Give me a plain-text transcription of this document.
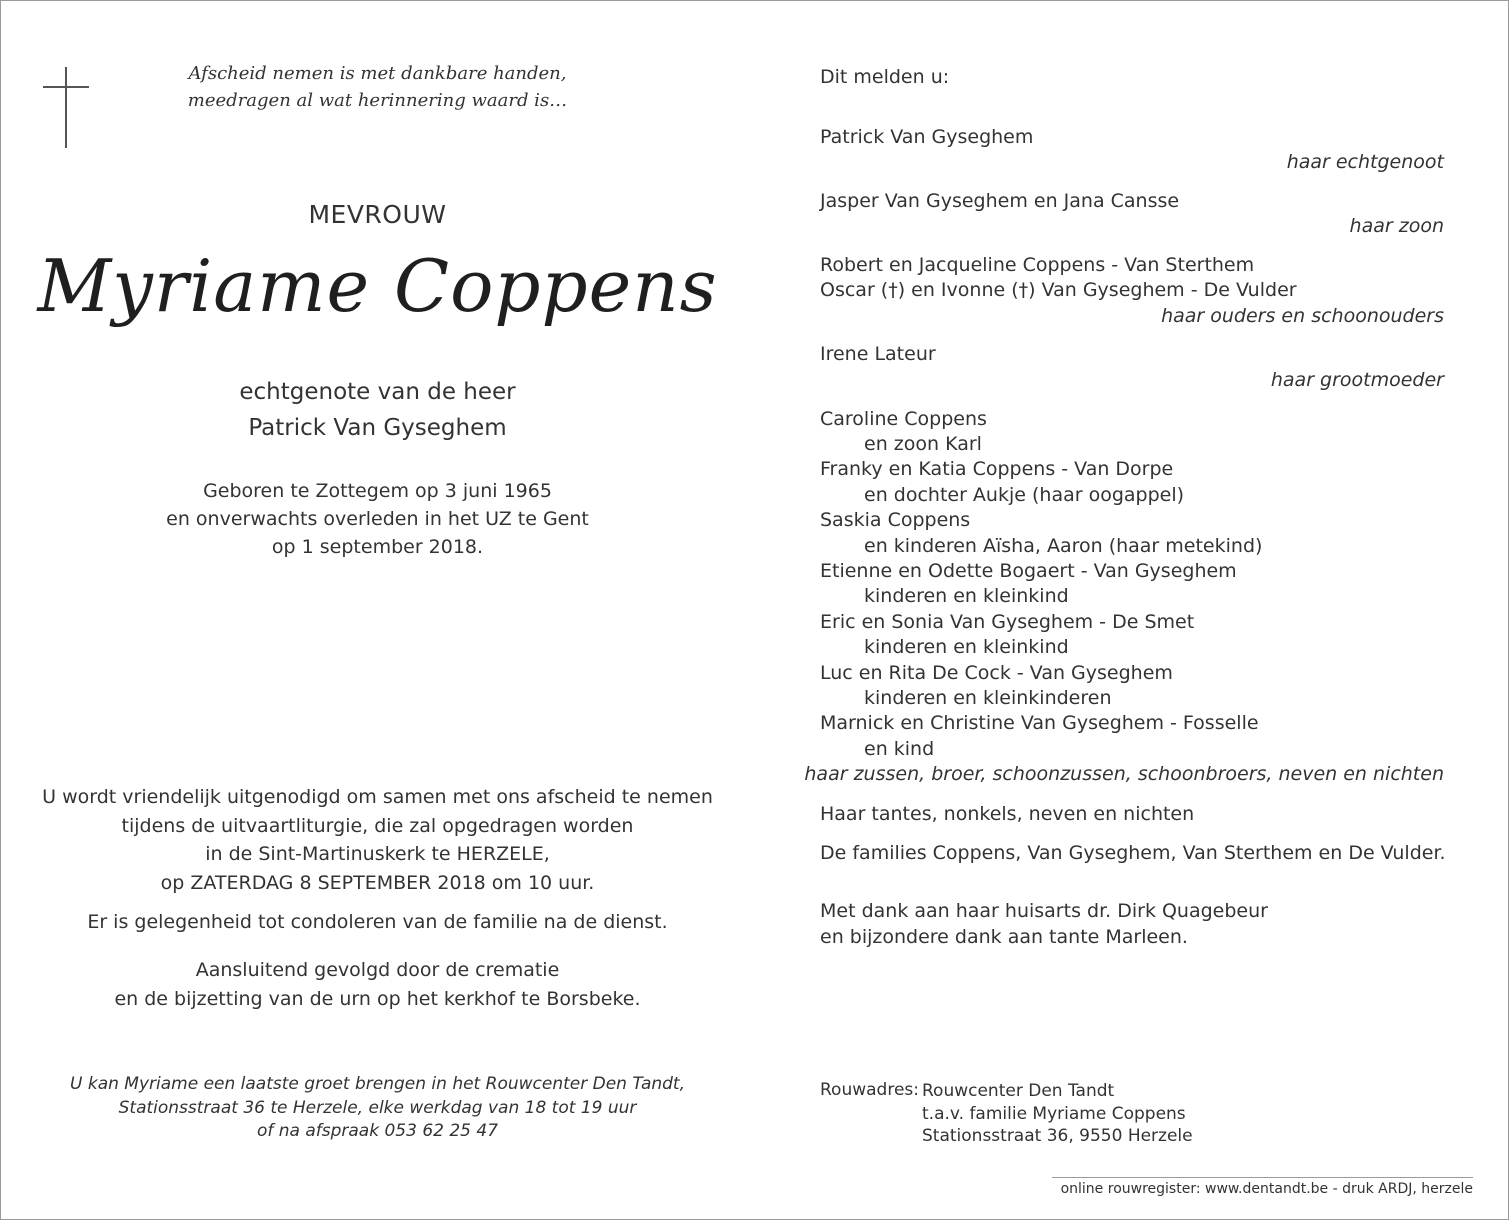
Afscheid nemen is met dankbare handen,
meedragen al wat herinnering waard is…
MEVROUW
Myriame Coppens
echtgenote van de heer
Patrick Van Gyseghem
Geboren te Zottegem op 3 juni 1965
en onverwachts overleden in het UZ te Gent
op 1 september 2018.
U wordt vriendelijk uitgenodigd om samen met ons afscheid te nemen
tijdens de uitvaartliturgie, die zal opgedragen worden
in de Sint-Martinuskerk te HERZELE,
op ZATERDAG 8 SEPTEMBER 2018 om 10 uur.
Er is gelegenheid tot condoleren van de familie na de dienst.
Aansluitend gevolgd door de crematie
en de bijzetting van de urn op het kerkhof te Borsbeke.
U kan Myriame een laatste groet brengen in het Rouwcenter Den Tandt,
Stationsstraat 36 te Herzele, elke werkdag van 18 tot 19 uur
of na afspraak 053 62 25 47
Dit melden u:
Patrick Van Gyseghem
haar echtgenoot
Jasper Van Gyseghem en Jana Cansse
haar zoon
Robert en Jacqueline Coppens - Van Sterthem
Oscar (†) en Ivonne (†) Van Gyseghem - De Vulder
haar ouders en schoonouders
Irene Lateur
haar grootmoeder
Caroline Coppens
en zoon Karl
Franky en Katia Coppens - Van Dorpe
en dochter Aukje (haar oogappel)
Saskia Coppens
en kinderen Aïsha, Aaron (haar metekind)
Etienne en Odette Bogaert - Van Gyseghem
kinderen en kleinkind
Eric en Sonia Van Gyseghem - De Smet
kinderen en kleinkind
Luc en Rita De Cock - Van Gyseghem
kinderen en kleinkinderen
Marnick en Christine Van Gyseghem - Fosselle
en kind
haar zussen, broer, schoonzussen, schoonbroers, neven en nichten
Haar tantes, nonkels, neven en nichten
De families Coppens, Van Gyseghem, Van Sterthem en De Vulder.
Met dank aan haar huisarts dr. Dirk Quagebeur
en bijzondere dank aan tante Marleen.
Rouwadres: Rouwcenter Den Tandt
t.a.v. familie Myriame Coppens
Stationsstraat 36, 9550 Herzele
online rouwregister: www.dentandt.be - druk ARDJ, herzele
